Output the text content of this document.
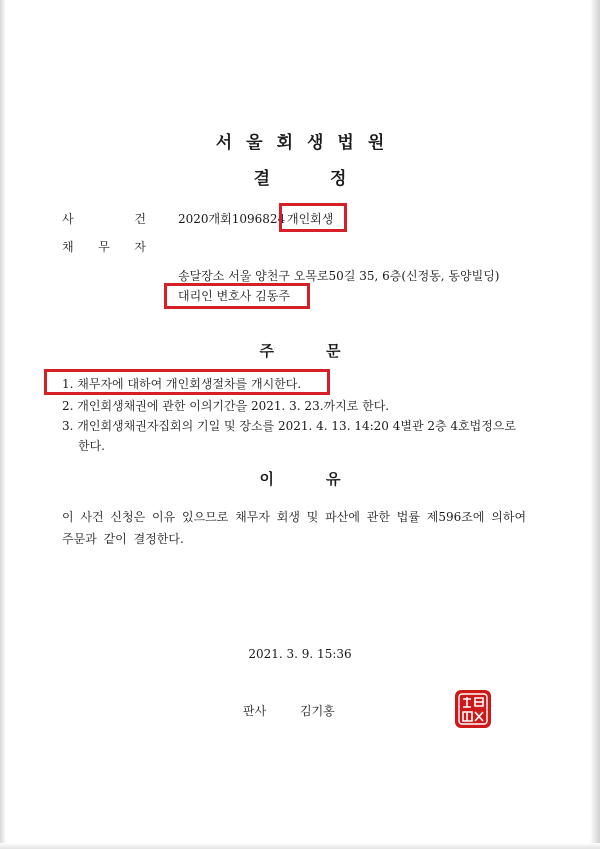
서울회생법원
결정
사	건	2020개회1096824 개인회생
채 무 자
송달장소 서울 양천구 오목로50길 35, 6층(신정동, 동양빌딩)
대리인 변호사 김동주
주문
1. 채무자에 대하여 개인회생절차를 개시한다.
2. 개인회생채권에 관한 이의기간을 2021. 3. 23.까지로 한다.
3. 개인회생채권자집회의 기일 및 장소를 2021. 4. 13. 14:20 4별관 2층 4호법정으로
한다.
이유
이 사건 신청은 이유 있으므로 채무자 회생 및 파산에 관한 법률 제596조에 의하여
주문과 같이 결정한다.
2021. 3. 9. 15:36
판사	김기홍
